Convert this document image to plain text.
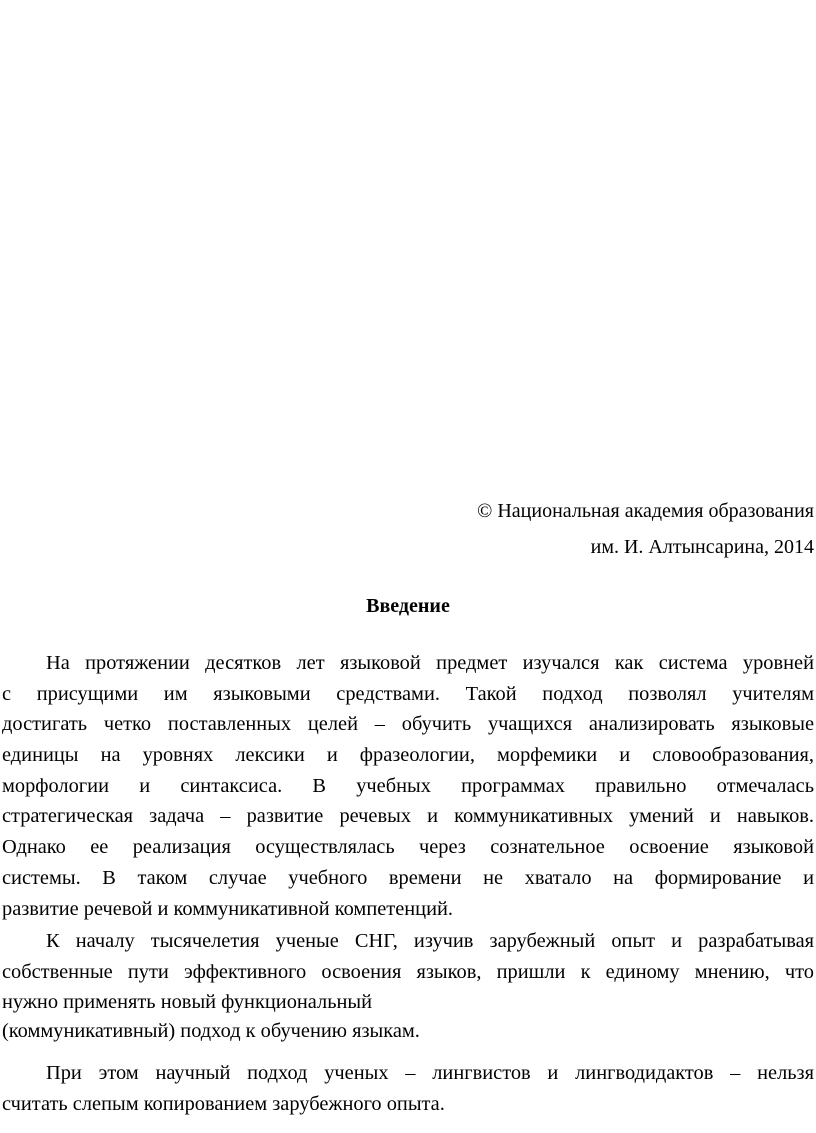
© Национальная академия образования
им. И. Алтынсарина, 2014
Введение
На протяжении десятков лет языковой предмет изучался как система уровней
с присущими им языковыми средствами. Такой подход позволял учителям
достигать четко поставленных целей – обучить учащихся анализировать языковые
единицы на уровнях лексики и фразеологии, морфемики и словообразования,
морфологии и синтаксиса. В учебных программах правильно отмечалась
стратегическая задача – развитие речевых и коммуникативных умений и навыков.
Однако ее реализация осуществлялась через сознательное освоение языковой
системы. В таком случае учебного времени не хватало на формирование и
развитие речевой и коммуникативной компетенций.
К началу тысячелетия ученые СНГ, изучив зарубежный опыт и разрабатывая
собственные пути эффективного освоения языков, пришли к единому мнению, что
нужно применять новый функциональный
(коммуникативный) подход к обучению языкам.
При этом научный подход ученых – лингвистов и лингводидактов – нельзя
считать слепым копированием зарубежного опыта.
